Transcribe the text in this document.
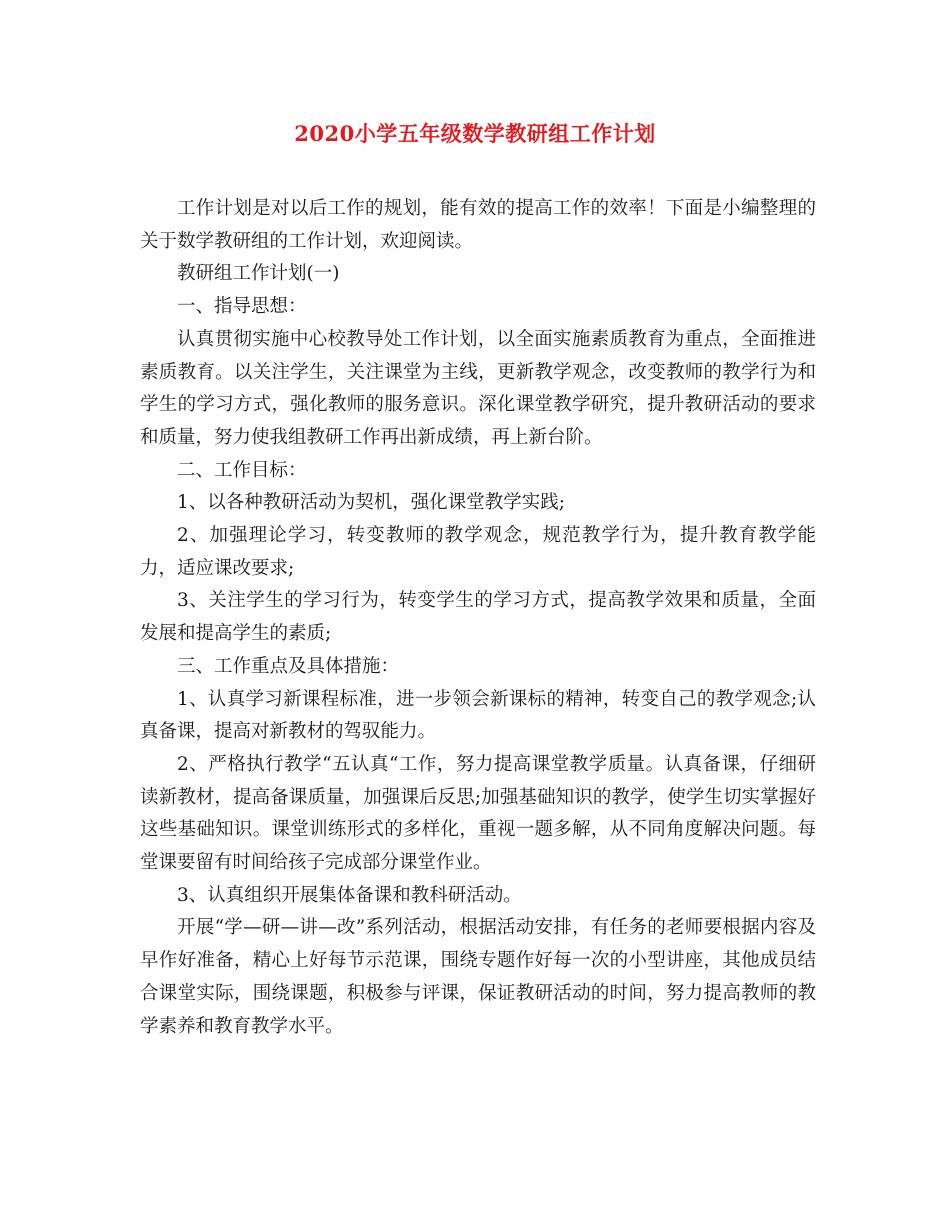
2020小学五年级数学教研组工作计划

工作计划是对以后工作的规划，能有效的提高工作的效率！下面是小编整理的关于数学教研组的工作计划，欢迎阅读。

教研组工作计划(一)

一、指导思想：

认真贯彻实施中心校教导处工作计划，以全面实施素质教育为重点，全面推进素质教育。以关注学生，关注课堂为主线，更新教学观念，改变教师的教学行为和学生的学习方式，强化教师的服务意识。深化课堂教学研究，提升教研活动的要求和质量，努力使我组教研工作再出新成绩，再上新台阶。

二、工作目标：

1、以各种教研活动为契机，强化课堂教学实践;

2、加强理论学习，转变教师的教学观念，规范教学行为，提升教育教学能力，适应课改要求;

3、关注学生的学习行为，转变学生的学习方式，提高教学效果和质量，全面发展和提高学生的素质;

三、工作重点及具体措施：

1、认真学习新课程标准，进一步领会新课标的精神，转变自己的教学观念;认真备课，提高对新教材的驾驭能力。

2、严格执行教学“五认真“工作，努力提高课堂教学质量。认真备课，仔细研读新教材，提高备课质量，加强课后反思;加强基础知识的教学，使学生切实掌握好这些基础知识。课堂训练形式的多样化，重视一题多解，从不同角度解决问题。每堂课要留有时间给孩子完成部分课堂作业。

3、认真组织开展集体备课和教科研活动。

开展“学—研—讲—改”系列活动，根据活动安排，有任务的老师要根据内容及早作好准备，精心上好每节示范课，围绕专题作好每一次的小型讲座，其他成员结合课堂实际，围绕课题，积极参与评课，保证教研活动的时间，努力提高教师的教学素养和教育教学水平。
